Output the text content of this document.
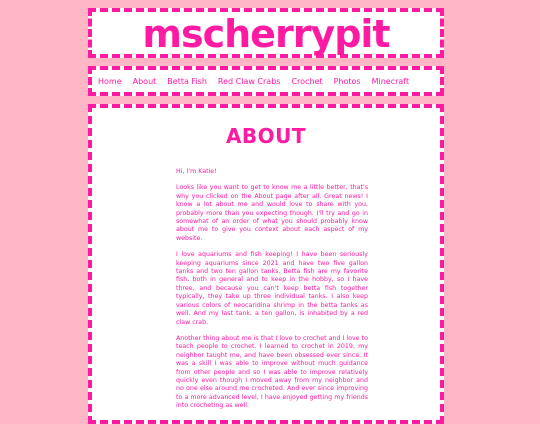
mscherrypit
Home About Betta Fish Red Claw Crabs Crochet Photos Minecraft
ABOUT

Hi, I'm Katie!

Looks like you want to get to know me a little better, that's why you clicked on the About page after all. Great news! I know a lot about me and would love to share with you, probably more than you expecting though. I'll try and go in somewhat of an order of what you should probably know about me to give you context about each aspect of my website.

I love aquariums and fish keeping! I have been seriously keeping aquariums since 2021 and have two five gallon tanks and two ten gallon tanks. Betta fish are my favorite fish, both in general and to keep in the hobby, so I have three, and because you can't keep betta fish together typically, they take up three individual tanks. I also keep various colors of neocaridina shrimp in the betta tanks as well. And my last tank, a ten gallon, is inhabited by a red claw crab.

Another thing about me is that I love to crochet and I love to teach people to crochet. I learned to crochet in 2019, my neighbor taught me, and have been obsessed ever since. It was a skill I was able to improve without much guidance from other people and so I was able to improve relatively quickly even though I moved away from my neighbor and no one else around me crocheted. And ever since improving to a more advanced level, I have enjoyed getting my friends into crocheting as well.
